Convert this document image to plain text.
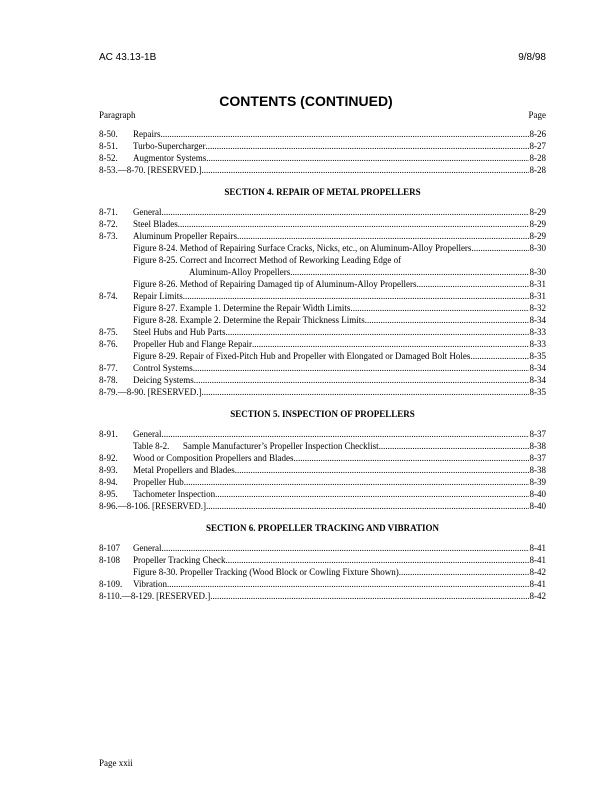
AC 43.13-1B	9/8/98
CONTENTS (CONTINUED)
Paragraph	Page
8-50.	Repairs .....	8-26
8-51.	Turbo-Supercharger .....	8-27
8-52.	Augmentor Systems .....	8-28
8-53.—8-70. [RESERVED.] .....	8-28
SECTION 4. REPAIR OF METAL PROPELLERS
8-71.	General .....	8-29
8-72.	Steel Blades .....	8-29
8-73.	Aluminum Propeller Repairs .....	8-29
Figure 8-24. Method of Repairing Surface Cracks, Nicks, etc., on Aluminum-Alloy Propellers .....	8-30
Figure 8-25. Correct and Incorrect Method of Reworking Leading Edge of
Aluminum-Alloy Propellers .....	8-30
Figure 8-26. Method of Repairing Damaged tip of Aluminum-Alloy Propellers .....	8-31
8-74.	Repair Limits .....	8-31
Figure 8-27. Example 1. Determine the Repair Width Limits. .....	8-32
Figure 8-28. Example 2. Determine the Repair Thickness Limits .....	8-34
8-75.	Steel Hubs and Hub Parts .....	8-33
8-76.	Propeller Hub and Flange Repair .....	8-33
Figure 8-29. Repair of Fixed-Pitch Hub and Propeller with Elongated or Damaged Bolt Holes .....	8-35
8-77.	Control Systems .....	8-34
8-78.	Deicing Systems .....	8-34
8-79.—8-90. [RESERVED.] .....	8-35
SECTION 5. INSPECTION OF PROPELLERS
8-91.	General .....	8-37
Table 8-2.      Sample Manufacturer’s Propeller Inspection Checklist .....	8-38
8-92.	Wood or Composition Propellers and Blades .....	8-37
8-93.	Metal Propellers and Blades .....	8-38
8-94.	Propeller Hub .....	8-39
8-95.	Tachometer Inspection .....	8-40
8-96.—8-106. [RESERVED.] .....	8-40
SECTION 6. PROPELLER TRACKING AND VIBRATION
8-107	General .....	8-41
8-108	Propeller Tracking Check .....	8-41
Figure 8-30. Propeller Tracking (Wood Block or Cowling Fixture Shown) .....	8-42
8-109.	Vibration .....	8-41
8-110.—8-129. [RESERVED.] .....	8-42
Page xxii
